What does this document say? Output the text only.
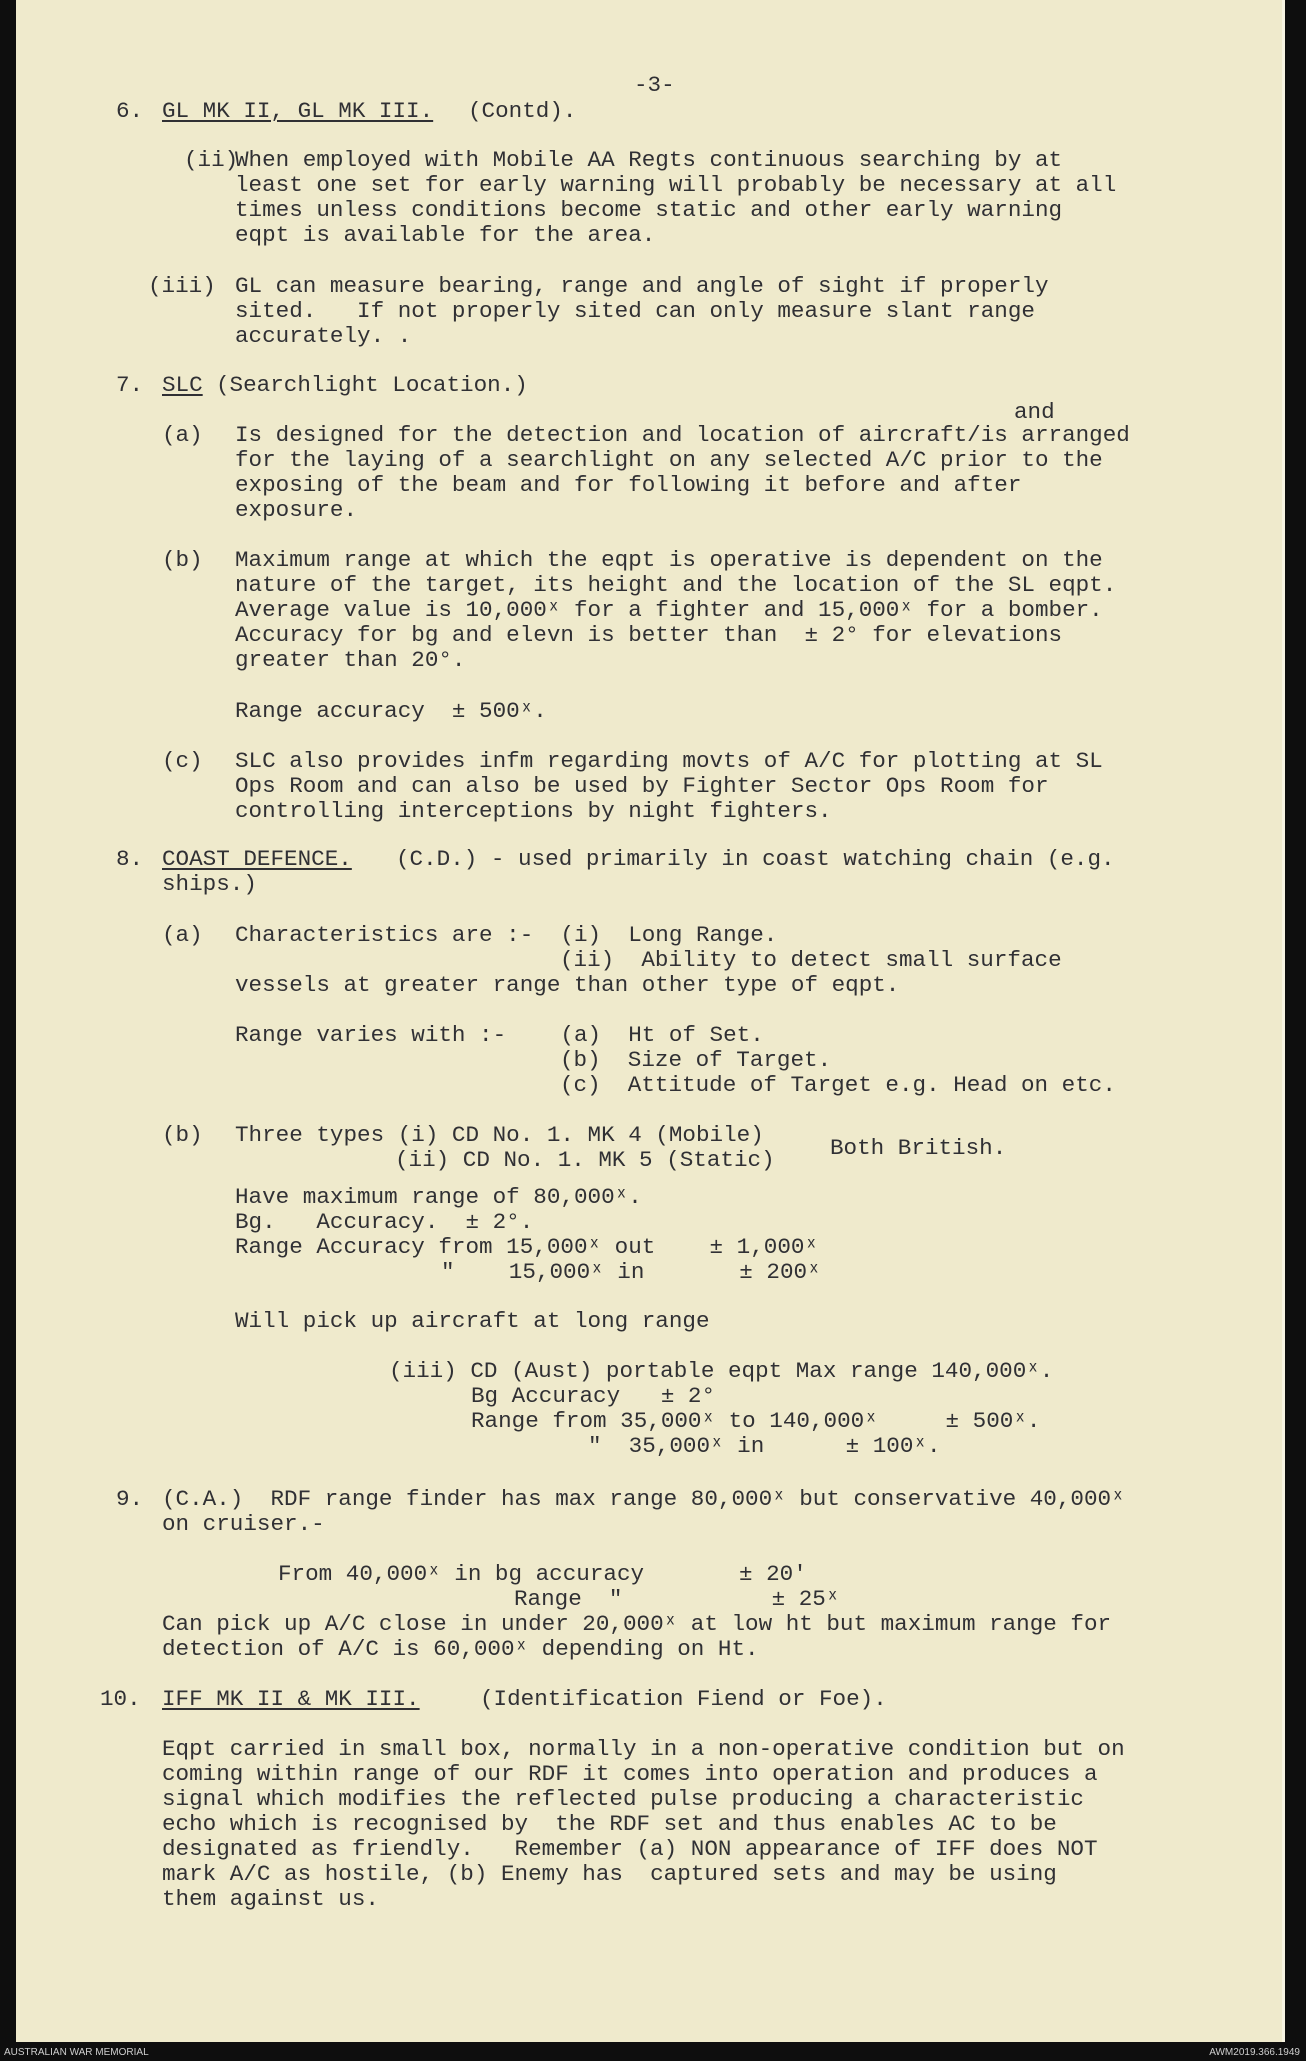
-3-
6. GL MK II, GL MK III. (Contd).
(ii)
When employed with Mobile AA Regts continuous searching by at
least one set for early warning will probably be necessary at all
times unless conditions become static and other early warning
eqpt is available for the area.
(iii) GL can measure bearing, range and angle of sight if properly
sited.   If not properly sited can only measure slant range
accurately. .
7. SLC (Searchlight Location.)
and
(a) Is designed for the detection and location of aircraft/is arranged
for the laying of a searchlight on any selected A/C prior to the
exposing of the beam and for following it before and after
exposure.
(b) Maximum range at which the eqpt is operative is dependent on the
nature of the target, its height and the location of the SL eqpt.
Average value is 10,000ˣ for a fighter and 15,000ˣ for a bomber.
Accuracy for bg and elevn is better than  ± 2° for elevations
greater than 20°.
Range accuracy  ± 500ˣ.
(c) SLC also provides infm regarding movts of A/C for plotting at SL
Ops Room and can also be used by Fighter Sector Ops Room for
controlling interceptions by night fighters.
8. COAST DEFENCE. (C.D.) - used primarily in coast watching chain (e.g.
ships.)
(a) Characteristics are :-  (i)  Long Range.
(ii)  Ability to detect small surface
vessels at greater range than other type of eqpt.
Range varies with :-    (a)  Ht of Set.
(b)  Size of Target.
(c)  Attitude of Target e.g. Head on etc.
(b) Three types (i) CD No. 1. MK 4 (Mobile)
(ii) CD No. 1. MK 5 (Static) Both British.
Have maximum range of 80,000ˣ.
Bg.   Accuracy.  ± 2°.
Range Accuracy from 15,000ˣ out    ± 1,000ˣ
"    15,000ˣ in       ± 200ˣ
Will pick up aircraft at long range
(iii) CD (Aust) portable eqpt Max range 140,000ˣ.
Bg Accuracy   ± 2°
Range from 35,000ˣ to 140,000ˣ     ± 500ˣ.
"  35,000ˣ in      ± 100ˣ.
9. (C.A.)  RDF range finder has max range 80,000ˣ but conservative 40,000ˣ
on cruiser.-
From 40,000ˣ in bg accuracy       ± 20'
Range  "           ± 25ˣ
Can pick up A/C close in under 20,000ˣ at low ht but maximum range for
detection of A/C is 60,000ˣ depending on Ht.
10. IFF MK II & MK III.	(Identification Fiend or Foe).
Eqpt carried in small box, normally in a non-operative condition but on
coming within range of our RDF it comes into operation and produces a
signal which modifies the reflected pulse producing a characteristic
echo which is recognised by  the RDF set and thus enables AC to be
designated as friendly.   Remember (a) NON appearance of IFF does NOT
mark A/C as hostile, (b) Enemy has  captured sets and may be using
them against us.
AUSTRALIAN WAR MEMORIAL	AWM2019.366.1949
